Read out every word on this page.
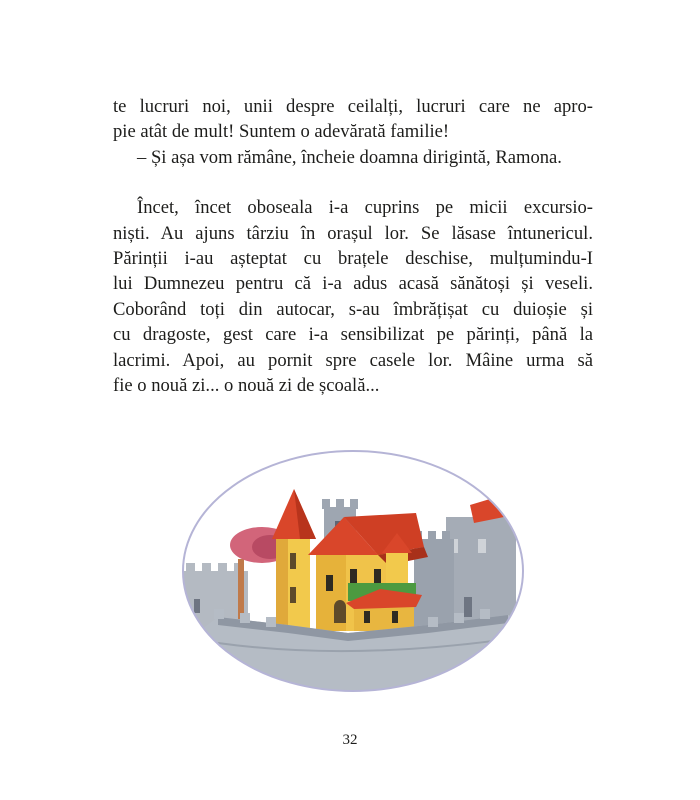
te lucruri noi, unii despre ceilalți, lucruri care ne apro-
pie atât de mult! Suntem o adevărată familie!
– Și așa vom rămâne, încheie doamna dirigintă, Ramona.
Încet, încet oboseala i-a cuprins pe micii excursio-
niști. Au ajuns târziu în orașul lor. Se lăsase întunericul.
Părinții i-au așteptat cu brațele deschise, mulțumindu-I
lui Dumnezeu pentru că i-a adus acasă sănătoși și veseli.
Coborând toți din autocar, s-au îmbrățișat cu duioșie și
cu dragoste, gest care i-a sensibilizat pe părinți, până la
lacrimi. Apoi, au pornit spre casele lor. Mâine urma să
fie o nouă zi... o nouă zi de școală...
32
